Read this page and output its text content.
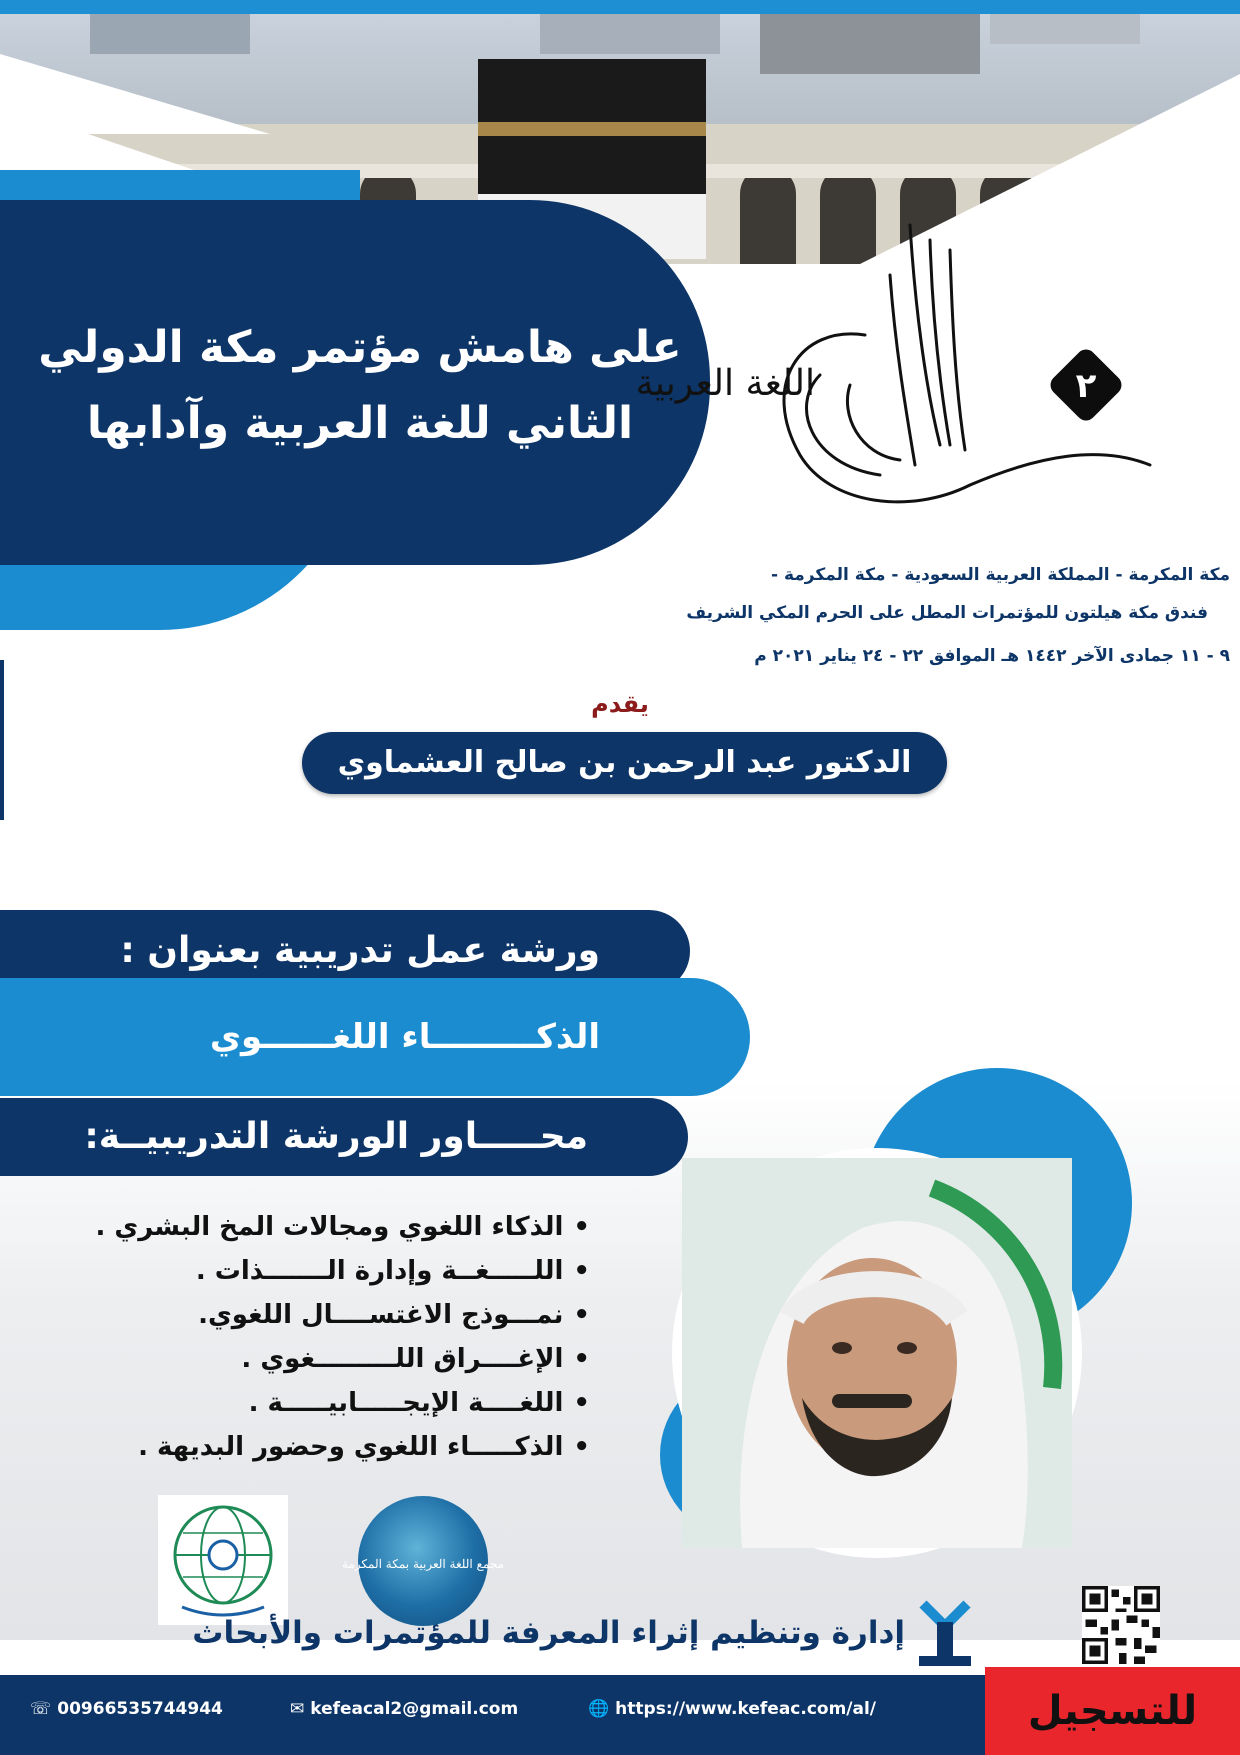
على هامش مؤتمر مكة الدولي
الثاني للغة العربية وآدابها
اللغة العربية	٢
مكة المكرمة - المملكة العربية السعودية - مكة المكرمة -
فندق مكة هيلتون للمؤتمرات المطل على الحرم المكي الشريف
٩ - ١١ جمادى الآخر ١٤٤٢ هـ الموافق ٢٢ - ٢٤ يناير ٢٠٢١ م
يقدم
الدكتور عبد الرحمن بن صالح العشماوي
ورشة عمل تدريبية بعنوان :
الذكـــــــــاء اللغــــــوي
محـــــاور الورشة التدريبيــة:
• الذكاء اللغوي ومجالات المخ البشري .
• اللـــــغــة وإدارة الـــــــذات .
• نمـــوذج الاغتســــال اللغوي.
• الإغــــراق اللـــــــــغوي .
• اللغــــة الإيجـــــابيـــــة .
• الذكـــــاء اللغوي وحضور البديهة .
مجمع اللغة العربية بمكة المكرمة
إدارة وتنظيم إثراء المعرفة للمؤتمرات والأبحاث
☏ 00966535744944	✉ kefeacal2@gmail.com	🌐 https://www.kefeac.com/al/	للتسجيل
